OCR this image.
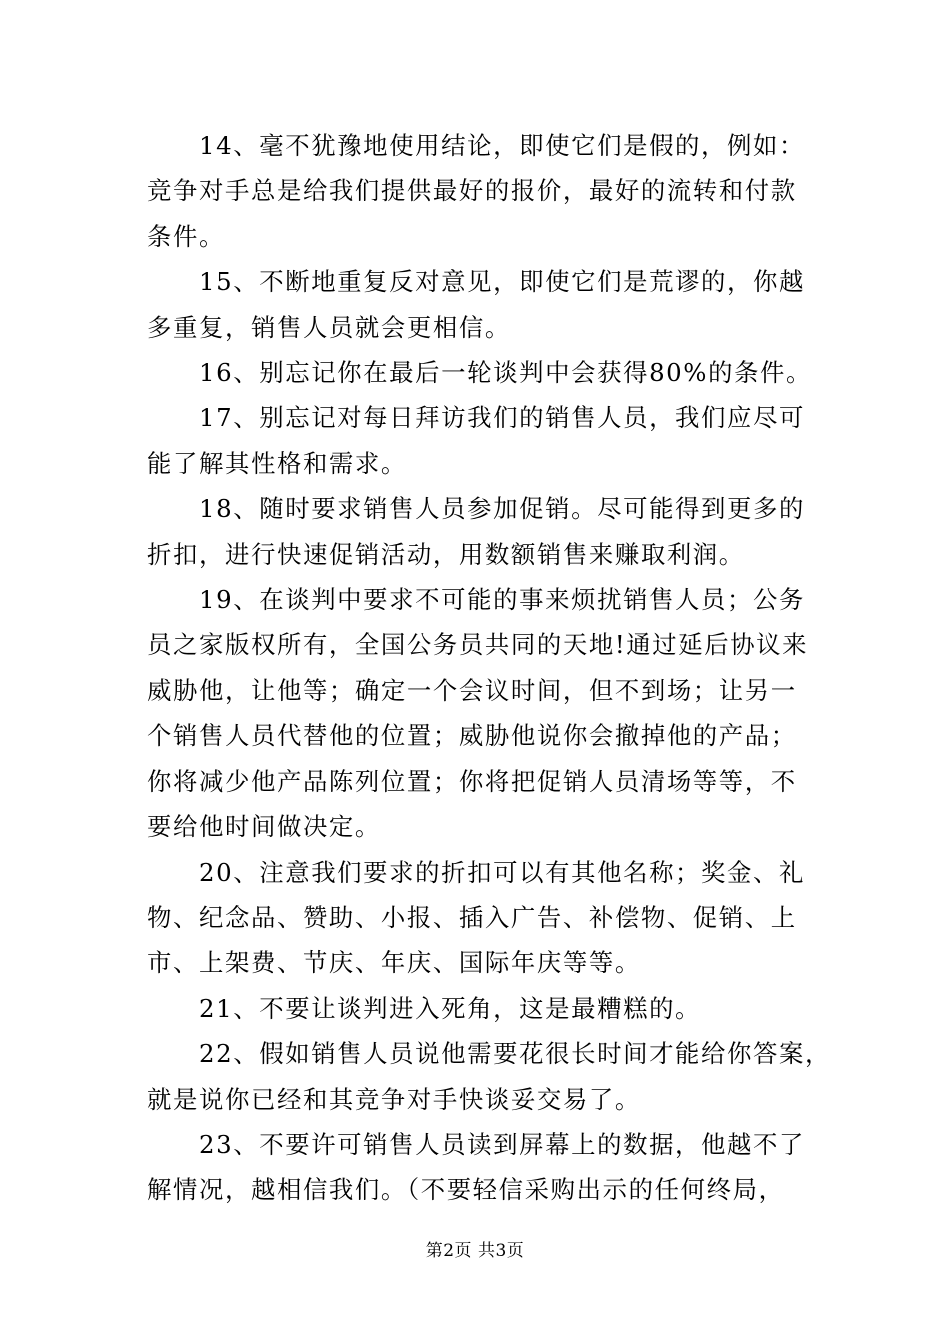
　　14、毫不犹豫地使用结论，即使它们是假的，例如：
竞争对手总是给我们提供最好的报价，最好的流转和付款
条件。
　　15、不断地重复反对意见，即使它们是荒谬的，你越
多重复，销售人员就会更相信。
　　16、别忘记你在最后一轮谈判中会获得80%的条件。
　　17、别忘记对每日拜访我们的销售人员，我们应尽可
能了解其性格和需求。
　　18、随时要求销售人员参加促销。尽可能得到更多的
折扣，进行快速促销活动，用数额销售来赚取利润。
　　19、在谈判中要求不可能的事来烦扰销售人员；公务
员之家版权所有，全国公务员共同的天地!通过延后协议来
威胁他，让他等；确定一个会议时间，但不到场；让另一
个销售人员代替他的位置；威胁他说你会撤掉他的产品；
你将减少他产品陈列位置；你将把促销人员清场等等，不
要给他时间做决定。
　　20、注意我们要求的折扣可以有其他名称；奖金、礼
物、纪念品、赞助、小报、插入广告、补偿物、促销、上
市、上架费、节庆、年庆、国际年庆等等。
　　21、不要让谈判进入死角，这是最糟糕的。
　　22、假如销售人员说他需要花很长时间才能给你答案，
就是说你已经和其竞争对手快谈妥交易了。
　　23、不要许可销售人员读到屏幕上的数据，他越不了
解情况，越相信我们。（不要轻信采购出示的任何终局，
第2页 共3页
